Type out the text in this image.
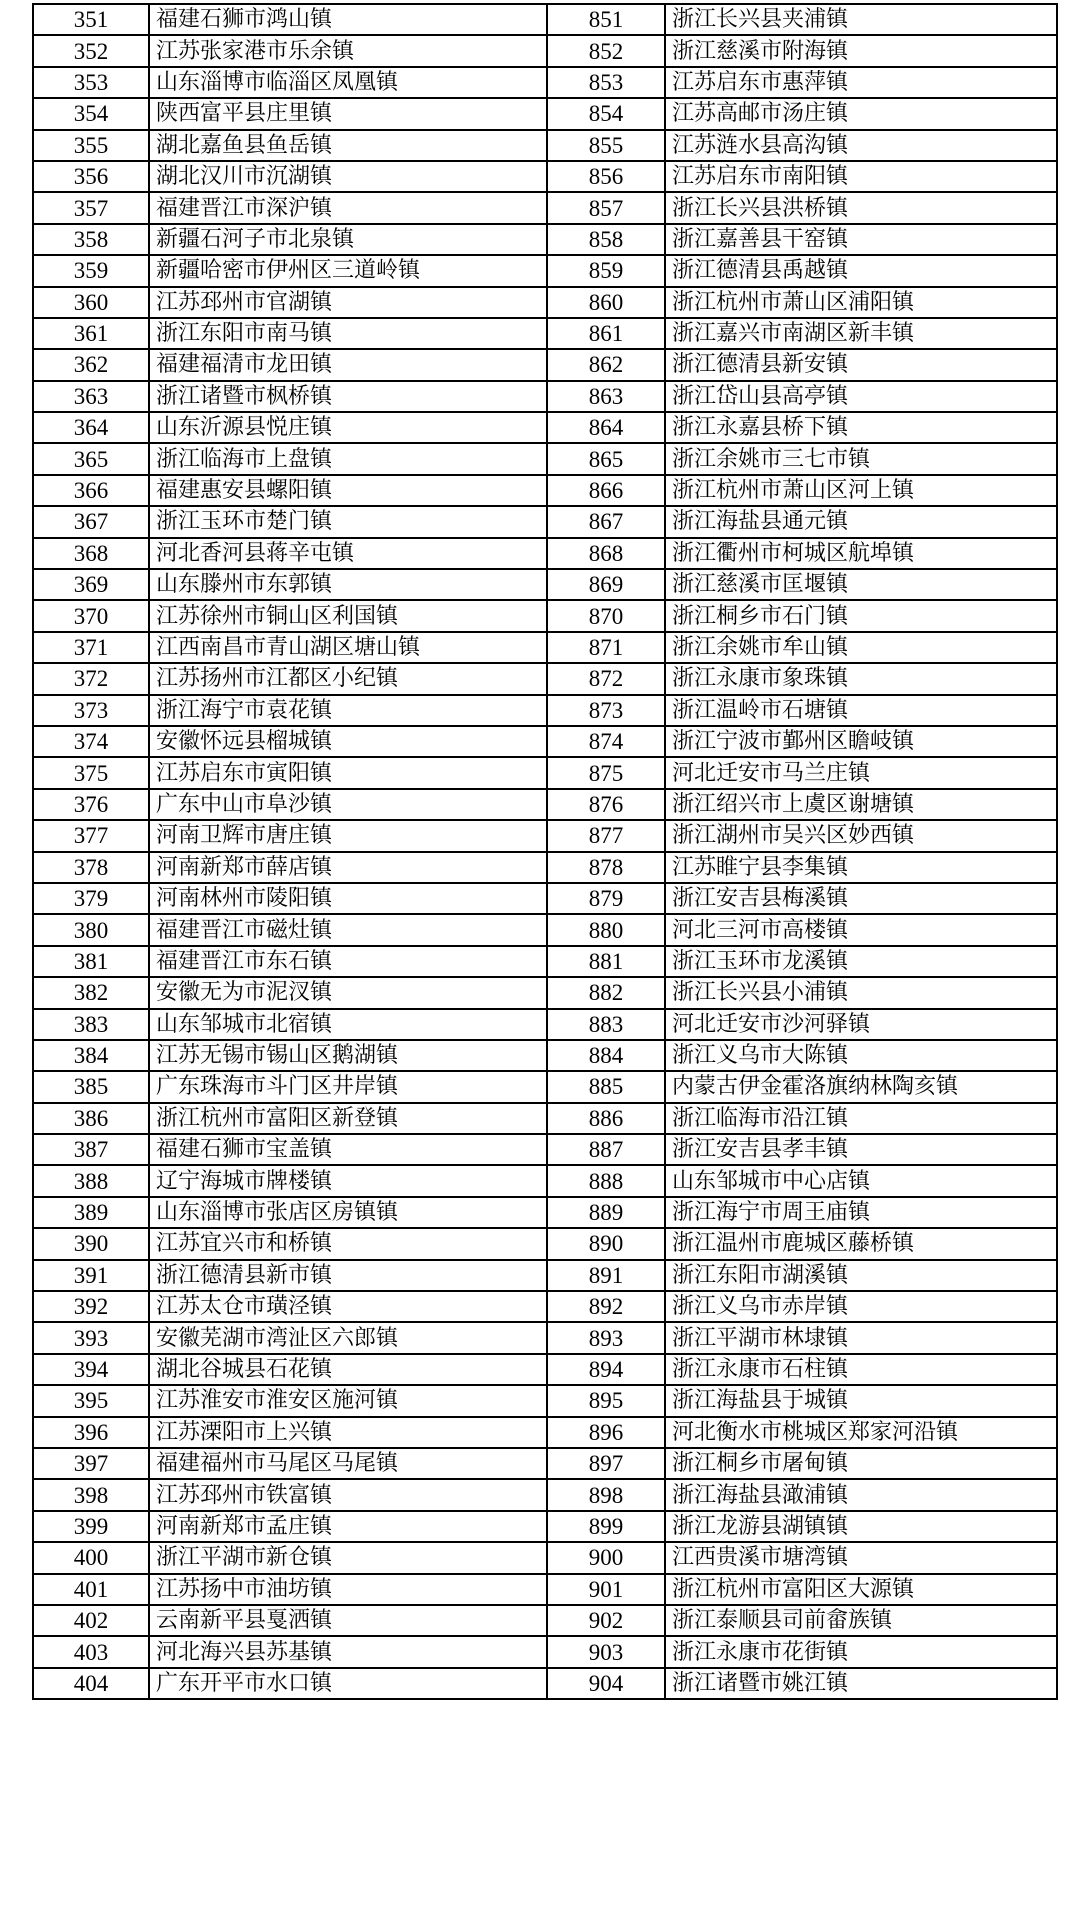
351	福建石狮市鸿山镇	851	浙江长兴县夹浦镇
352	江苏张家港市乐余镇	852	浙江慈溪市附海镇
353	山东淄博市临淄区凤凰镇	853	江苏启东市惠萍镇
354	陕西富平县庄里镇	854	江苏高邮市汤庄镇
355	湖北嘉鱼县鱼岳镇	855	江苏涟水县高沟镇
356	湖北汉川市沉湖镇	856	江苏启东市南阳镇
357	福建晋江市深沪镇	857	浙江长兴县洪桥镇
358	新疆石河子市北泉镇	858	浙江嘉善县干窑镇
359	新疆哈密市伊州区三道岭镇	859	浙江德清县禹越镇
360	江苏邳州市官湖镇	860	浙江杭州市萧山区浦阳镇
361	浙江东阳市南马镇	861	浙江嘉兴市南湖区新丰镇
362	福建福清市龙田镇	862	浙江德清县新安镇
363	浙江诸暨市枫桥镇	863	浙江岱山县高亭镇
364	山东沂源县悦庄镇	864	浙江永嘉县桥下镇
365	浙江临海市上盘镇	865	浙江余姚市三七市镇
366	福建惠安县螺阳镇	866	浙江杭州市萧山区河上镇
367	浙江玉环市楚门镇	867	浙江海盐县通元镇
368	河北香河县蒋辛屯镇	868	浙江衢州市柯城区航埠镇
369	山东滕州市东郭镇	869	浙江慈溪市匡堰镇
370	江苏徐州市铜山区利国镇	870	浙江桐乡市石门镇
371	江西南昌市青山湖区塘山镇	871	浙江余姚市牟山镇
372	江苏扬州市江都区小纪镇	872	浙江永康市象珠镇
373	浙江海宁市袁花镇	873	浙江温岭市石塘镇
374	安徽怀远县榴城镇	874	浙江宁波市鄞州区瞻岐镇
375	江苏启东市寅阳镇	875	河北迁安市马兰庄镇
376	广东中山市阜沙镇	876	浙江绍兴市上虞区谢塘镇
377	河南卫辉市唐庄镇	877	浙江湖州市吴兴区妙西镇
378	河南新郑市薛店镇	878	江苏睢宁县李集镇
379	河南林州市陵阳镇	879	浙江安吉县梅溪镇
380	福建晋江市磁灶镇	880	河北三河市高楼镇
381	福建晋江市东石镇	881	浙江玉环市龙溪镇
382	安徽无为市泥汊镇	882	浙江长兴县小浦镇
383	山东邹城市北宿镇	883	河北迁安市沙河驿镇
384	江苏无锡市锡山区鹅湖镇	884	浙江义乌市大陈镇
385	广东珠海市斗门区井岸镇	885	内蒙古伊金霍洛旗纳林陶亥镇
386	浙江杭州市富阳区新登镇	886	浙江临海市沿江镇
387	福建石狮市宝盖镇	887	浙江安吉县孝丰镇
388	辽宁海城市牌楼镇	888	山东邹城市中心店镇
389	山东淄博市张店区房镇镇	889	浙江海宁市周王庙镇
390	江苏宜兴市和桥镇	890	浙江温州市鹿城区藤桥镇
391	浙江德清县新市镇	891	浙江东阳市湖溪镇
392	江苏太仓市璜泾镇	892	浙江义乌市赤岸镇
393	安徽芜湖市湾沚区六郎镇	893	浙江平湖市林埭镇
394	湖北谷城县石花镇	894	浙江永康市石柱镇
395	江苏淮安市淮安区施河镇	895	浙江海盐县于城镇
396	江苏溧阳市上兴镇	896	河北衡水市桃城区郑家河沿镇
397	福建福州市马尾区马尾镇	897	浙江桐乡市屠甸镇
398	江苏邳州市铁富镇	898	浙江海盐县澉浦镇
399	河南新郑市孟庄镇	899	浙江龙游县湖镇镇
400	浙江平湖市新仓镇	900	江西贵溪市塘湾镇
401	江苏扬中市油坊镇	901	浙江杭州市富阳区大源镇
402	云南新平县戛洒镇	902	浙江泰顺县司前畲族镇
403	河北海兴县苏基镇	903	浙江永康市花街镇
404	广东开平市水口镇	904	浙江诸暨市姚江镇
